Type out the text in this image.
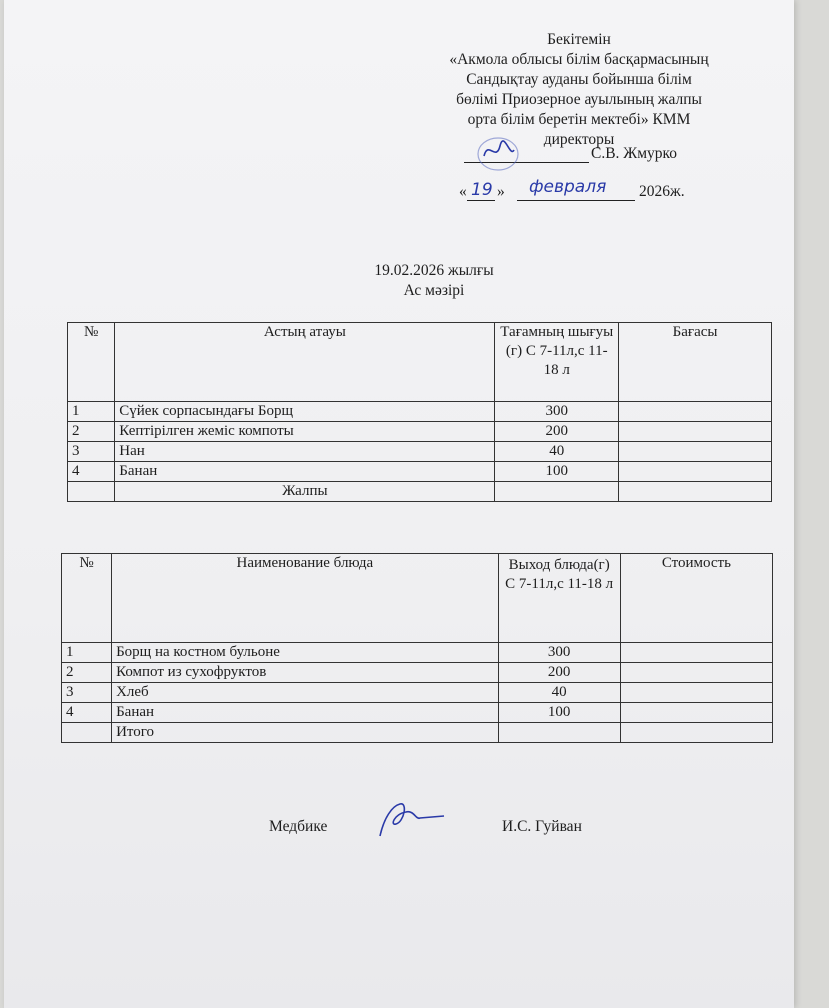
Бекітемін
«Акмола облысы білім басқармасының
Сандықтау ауданы бойынша білім
бөлімі Приозерное ауылының жалпы
орта білім беретін мектебі» КММ
директоры
С.В. Жмурко
« 19 » февраля 2026ж.
19.02.2026 жылғы
Ас мәзірі
№	Астың атауы	Тағамның шығуы (г) С 7-11л,с 11-18 л	Бағасы
1	Сүйек сорпасындағы Борщ	300	
2	Кептірілген жеміс компоты	200	
3	Нан	40	
4	Банан	100	
	Жалпы		
№	Наименование блюда	Выход блюда(г) С 7-11л,с 11-18 л	Стоимость
1	Борщ на костном бульоне	300	
2	Компот из сухофруктов	200	
3	Хлеб	40	
4	Банан	100	
	Итого		
Медбике	И.С. Гуйван
